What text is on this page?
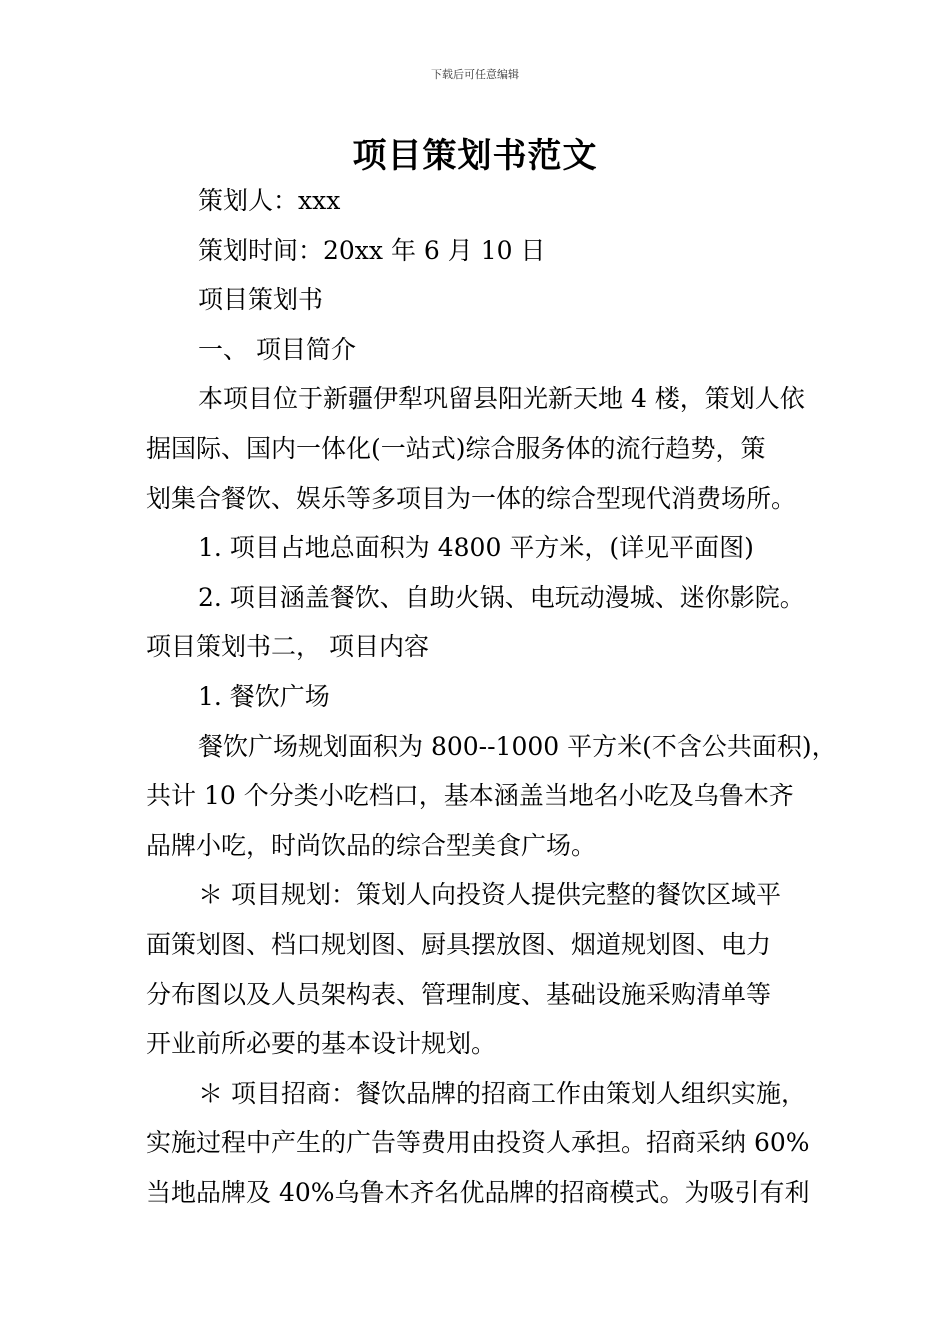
下载后可任意编辑
项目策划书范文
策划人：xxx
策划时间：20xx 年 6 月 10 日
项目策划书
一、 项目简介
本项目位于新疆伊犁巩留县阳光新天地 4 楼，策划人依
据国际、国内一体化(一站式)综合服务体的流行趋势，策
划集合餐饮、娱乐等多项目为一体的综合型现代消费场所。
1. 项目占地总面积为 4800 平方米，(详见平面图)
2. 项目涵盖餐饮、自助火锅、电玩动漫城、迷你影院。
项目策划书二， 项目内容
1. 餐饮广场
餐饮广场规划面积为 800--1000 平方米(不含公共面积)，
共计 10 个分类小吃档口，基本涵盖当地名小吃及乌鲁木齐
品牌小吃，时尚饮品的综合型美食广场。
＊ 项目规划：策划人向投资人提供完整的餐饮区域平
面策划图、档口规划图、厨具摆放图、烟道规划图、电力
分布图以及人员架构表、管理制度、基础设施采购清单等
开业前所必要的基本设计规划。
＊ 项目招商：餐饮品牌的招商工作由策划人组织实施，
实施过程中产生的广告等费用由投资人承担。招商采纳 60%
当地品牌及 40%乌鲁木齐名优品牌的招商模式。为吸引有利
